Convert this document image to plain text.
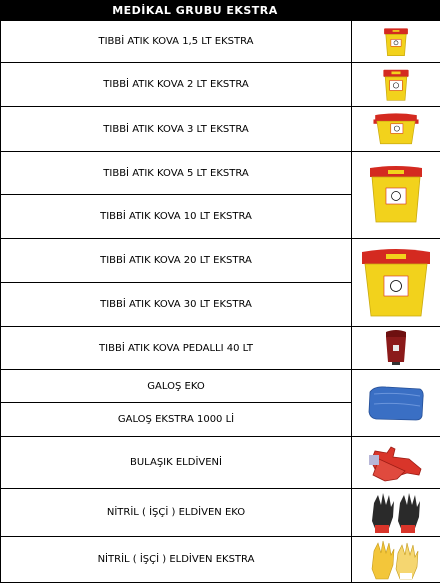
MEDİKAL GRUBU EKSTRA
TIBBİ ATIK KOVA 1,5 LT EKSTRA	

TIBBİ ATIK KOVA 2 LT EKSTRA	

TIBBİ ATIK KOVA 3 LT EKSTRA	

TIBBİ ATIK KOVA 5 LT EKSTRA	

TIBBİ ATIK KOVA 10 LT EKSTRA	
TIBBİ ATIK KOVA 20 LT EKSTRA	

TIBBİ ATIK KOVA 30 LT EKSTRA	
TIBBİ ATIK KOVA PEDALLI 40 LT	

GALOŞ EKO	

GALOŞ EKSTRA 1000 Lİ	
BULAŞIK ELDİVENİ	

NİTRİL ( İŞÇİ ) ELDİVEN EKO	

NİTRİL ( İŞÇİ ) ELDİVEN EKSTRA	
